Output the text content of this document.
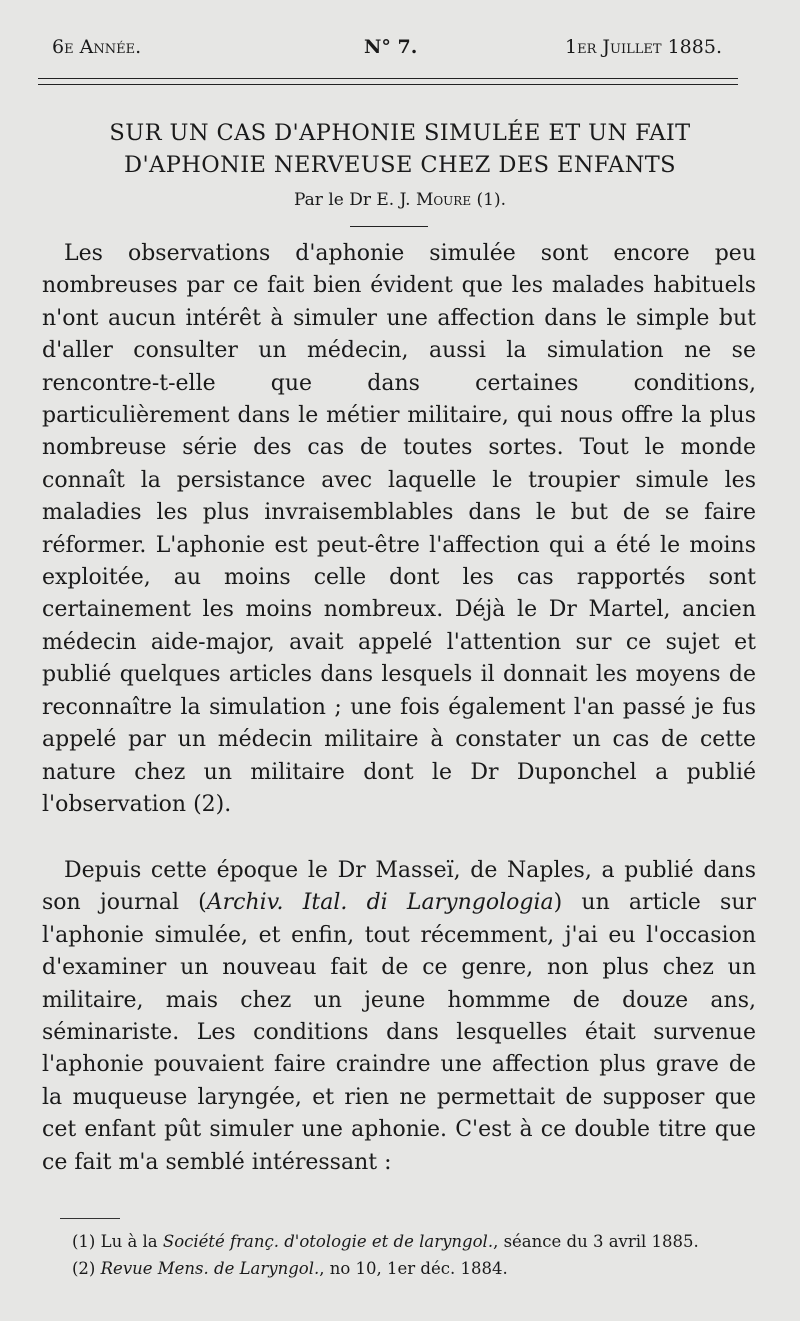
6e Année.	N° 7.	1er Juillet 1885.
SUR UN CAS D'APHONIE SIMULÉE ET UN FAIT
D'APHONIE NERVEUSE CHEZ DES ENFANTS
Par le Dr E. J. Moure (1).
Les observations d'aphonie simulée sont encore peu nombreuses par ce fait bien évident que les malades habituels n'ont aucun intérêt à simuler une affection dans le simple but d'aller consulter un médecin, aussi la simulation ne se rencontre-t-elle que dans certaines conditions, particulièrement dans le métier militaire, qui nous offre la plus nombreuse série des cas de toutes sortes. Tout le monde connaît la persistance avec laquelle le troupier simule les maladies les plus invraisemblables dans le but de se faire réformer. L'aphonie est peut-être l'affection qui a été le moins exploitée, au moins celle dont les cas rapportés sont certainement les moins nombreux. Déjà le Dr Martel, ancien médecin aide-major, avait appelé l'attention sur ce sujet et publié quelques articles dans lesquels il donnait les moyens de reconnaître la simulation ; une fois également l'an passé je fus appelé par un médecin militaire à constater un cas de cette nature chez un militaire dont le Dr Duponchel a publié l'observation (2).
Depuis cette époque le Dr Masseï, de Naples, a publié dans son journal (Archiv. Ital. di Laryngologia) un article sur l'aphonie simulée, et enfin, tout récemment, j'ai eu l'occasion d'examiner un nouveau fait de ce genre, non plus chez un militaire, mais chez un jeune hommme de douze ans, séminariste. Les conditions dans lesquelles était survenue l'aphonie pouvaient faire craindre une affection plus grave de la muqueuse laryngée, et rien ne permettait de supposer que cet enfant pût simuler une aphonie. C'est à ce double titre que ce fait m'a semblé intéressant :
(1) Lu à la Société franç. d'otologie et de laryngol., séance du 3 avril 1885.
(2) Revue Mens. de Laryngol., no 10, 1er déc. 1884.
